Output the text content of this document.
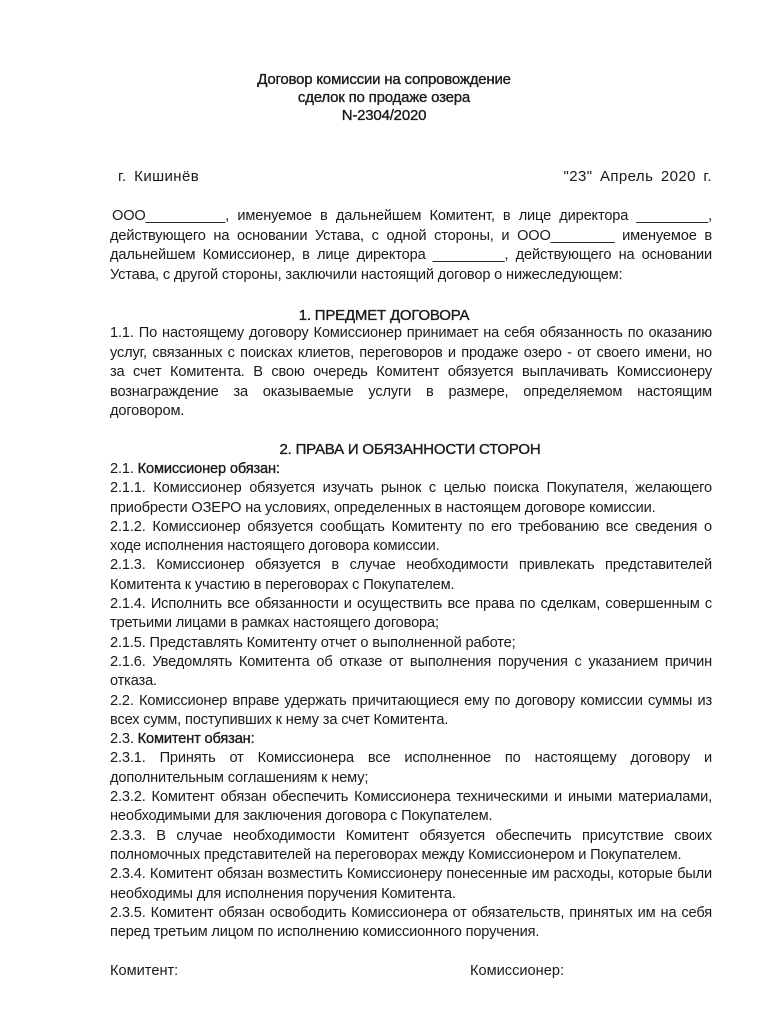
Договор комиссии на сопровождение
сделок по продаже озера
N-2304/2020
г. Кишинёв	"23" Апрель 2020 г.

ООО__________, именуемое в дальнейшем Комитент, в лице директора _________, действующего на основании Устава, с одной стороны, и ООО________ именуемое в дальнейшем Комиссионер, в лице директора _________, действующего на основании Устава, с другой стороны, заключили настоящий договор о нижеследующем:

1. ПРЕДМЕТ ДОГОВОРА

1.1. По настоящему договору Комиссионер принимает на себя обязанность по оказанию услуг, связанных с поисках клиетов, переговоров и продаже озеро - от своего имени, но за счет Комитента. В свою очередь Комитент обязуется выплачивать Комиссионеру вознаграждение за оказываемые услуги в размере, определяемом настоящим договором.

2. ПРАВА И ОБЯЗАННОСТИ СТОРОН

2.1. Комиссионер обязан:

2.1.1. Комиссионер обязуется изучать рынок с целью поиска Покупателя, желающего приобрести ОЗЕРО на условиях, определенных в настоящем договоре комиссии.

2.1.2. Комиссионер обязуется сообщать Комитенту по его требованию все сведения о ходе исполнения настоящего договора комиссии.

2.1.3. Комиссионер обязуется в случае необходимости привлекать представителей Комитента к участию в переговорах с Покупателем.

2.1.4. Исполнить все обязанности и осуществить все права по сделкам, совершенным с третьими лицами в рамках настоящего договора;

2.1.5. Представлять Комитенту отчет о выполненной работе;

2.1.6. Уведомлять Комитента об отказе от выполнения поручения с указанием причин отказа.

2.2. Комиссионер вправе удержать причитающиеся ему по договору комиссии суммы из всех сумм, поступивших к нему за счет Комитента.

2.3. Комитент обязан:

2.3.1. Принять от Комиссионера все исполненное по настоящему договору и дополнительным соглашениям к нему;

2.3.2. Комитент обязан обеспечить Комиссионера техническими и иными материалами, необходимыми для заключения договора с Покупателем.

2.3.3. В случае необходимости Комитент обязуется обеспечить присутствие своих полномочных представителей на переговорах между Комиссионером и Покупателем.

2.3.4. Комитент обязан возместить Комиссионеру понесенные им расходы, которые были необходимы для исполнения поручения Комитента.

2.3.5. Комитент обязан освободить Комиссионера от обязательств, принятых им на себя перед третьим лицом по исполнению комиссионного поручения.

Комитент:	Комиссионер:
